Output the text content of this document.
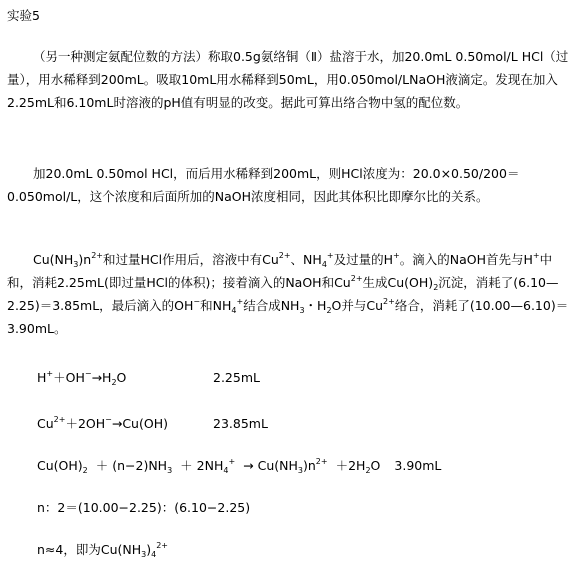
实验5
（另一种测定氨配位数的方法）称取0.5g氨络铜（Ⅱ）盐溶于水，加20.0mL 0.50mol/L HCl（过量），用水稀释到200mL。吸取10mL用水稀释到50mL，用0.050mol/LNaOH液滴定。发现在加入2.25mL和6.10mL时溶液的pH值有明显的改变。据此可算出络合物中氢的配位数。
加20.0mL 0.50mol HCl，而后用水稀释到200mL，则HCl浓度为：20.0×0.50/200＝0.050mol/L，这个浓度和后面所加的NaOH浓度相同，因此其体积比即摩尔比的关系。
$Cu(NH_3)n^{2+}$和过量HCl作用后，溶液中有$Cu^{2+}$、$NH_4^+$及过量的H+。滴入的NaOH首先与H+中和，消耗2.25mL(即过量HCl的体积)；接着滴入的NaOH和$Cu^{2+}$生成$Cu(OH)_2$沉淀，消耗了(6.10—2.25)＝3.85mL，最后滴入的OH−和$NH_4^+$结合成$NH_3$・$H_2O$并与$Cu^{2+}$络合，消耗了(10.00—6.10)＝3.90mL。
$H^++OH^-\to H_2O$	2.25mL
$Cu^{2+}+2OH^-\to Cu(OH)$	23.85mL
$Cu(OH)_2 + (n-2)NH_3 + 2NH_4^+ \to Cu(NH_3)n^{2+} +2H_2O$ 3.90mL
n：2＝(10.00−2.25)：(6.10−2.25)
n≈4，即为$Cu(NH_3)_4^{2+}$
